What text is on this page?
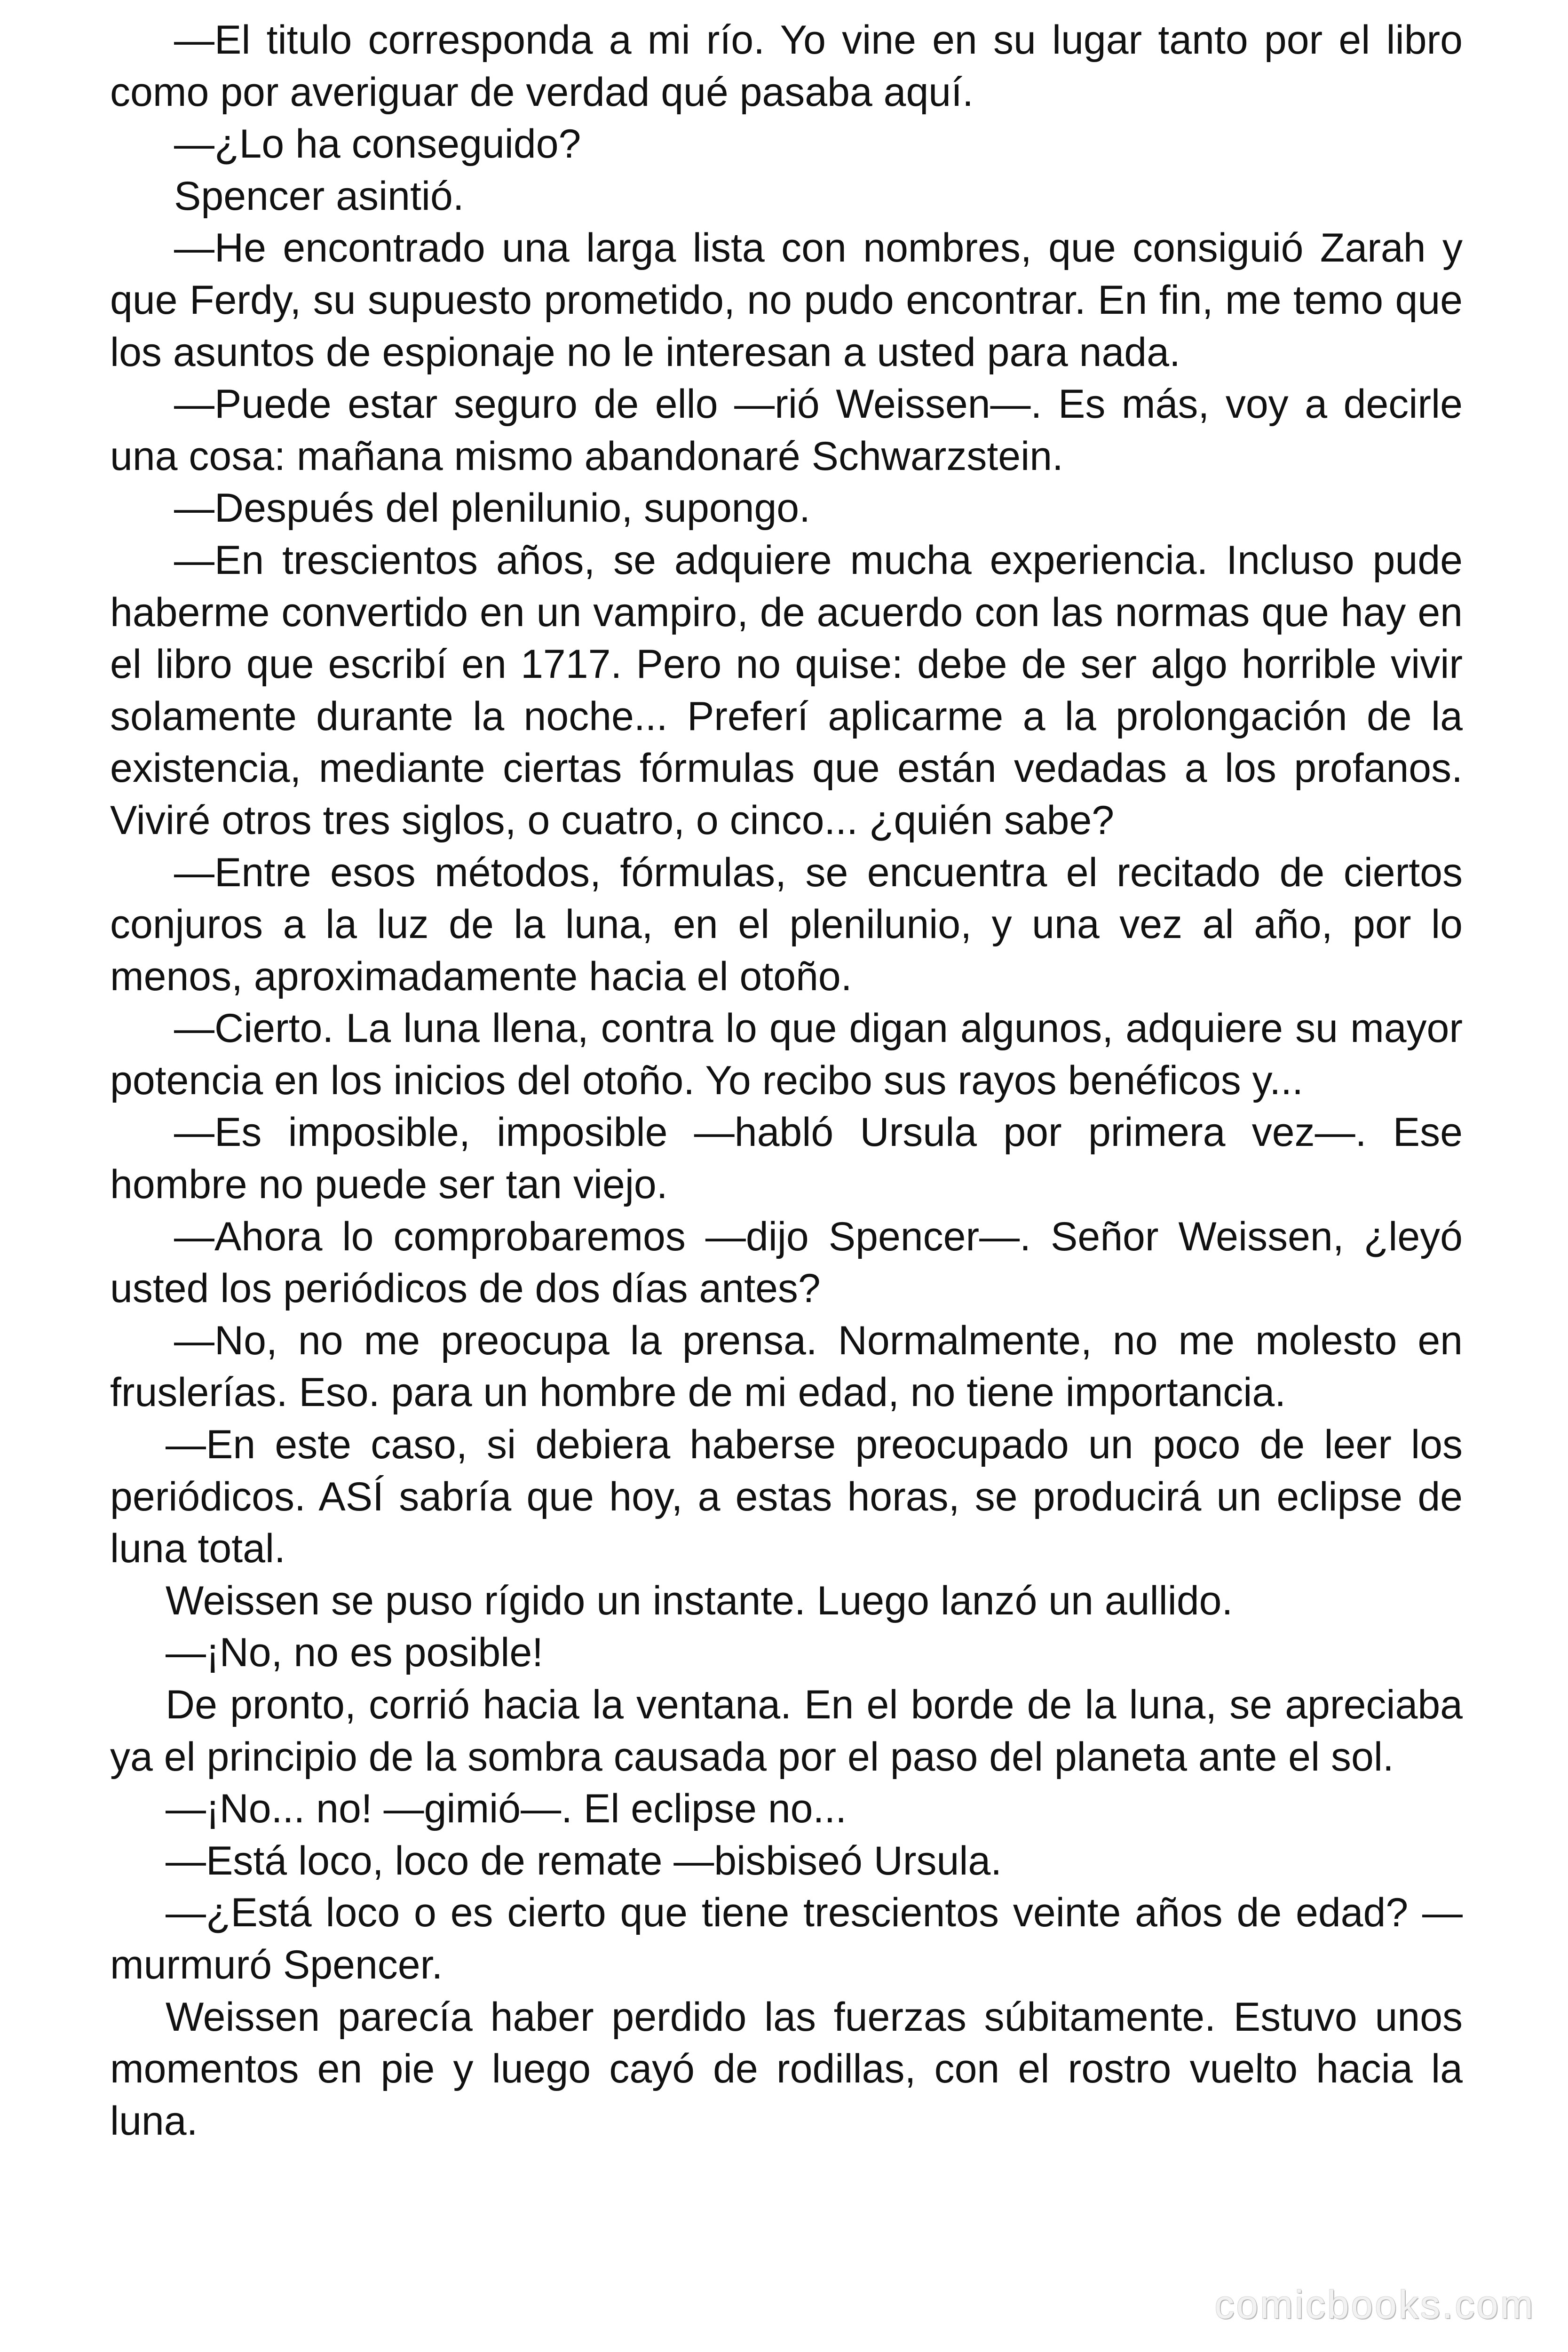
—El titulo corresponda a mi río. Yo vine en su lugar tanto por el libro como por averiguar de verdad qué pasaba aquí.

—¿Lo ha conseguido?

Spencer asintió.

—He encontrado una larga lista con nombres, que consiguió Zarah y que Ferdy, su supuesto prometido, no pudo encontrar. En fin, me temo que los asuntos de espionaje no le interesan a usted para nada.

—Puede estar seguro de ello —rió Weissen—. Es más, voy a decirle una cosa: mañana mismo abandonaré Schwarzstein.

—Después del plenilunio, supongo.

—En trescientos años, se adquiere mucha experiencia. Incluso pude haberme convertido en un vampiro, de acuerdo con las normas que hay en el libro que escribí en 1717. Pero no quise: debe de ser algo horrible vivir solamente durante la noche... Preferí aplicarme a la prolongación de la existencia, mediante ciertas fórmulas que están vedadas a los profanos. Viviré otros tres siglos, o cuatro, o cinco... ¿quién sabe?

—Entre esos métodos, fórmulas, se encuentra el recitado de ciertos conjuros a la luz de la luna, en el plenilunio, y una vez al año, por lo menos, aproximadamente hacia el otoño.

—Cierto. La luna llena, contra lo que digan algunos, adquiere su mayor potencia en los inicios del otoño. Yo recibo sus rayos benéficos y...

—Es imposible, imposible —habló Ursula por primera vez—. Ese hombre no puede ser tan viejo.

—Ahora lo comprobaremos —dijo Spencer—. Señor Weissen, ¿leyó usted los periódicos de dos días antes?

—No, no me preocupa la prensa. Normalmente, no me molesto en fruslerías. Eso. para un hombre de mi edad, no tiene importancia.

—En este caso, si debiera haberse preocupado un poco de leer los periódicos. ASÍ sabría que hoy, a estas horas, se producirá un eclipse de luna total.

Weissen se puso rígido un instante. Luego lanzó un aullido.

—¡No, no es posible!

De pronto, corrió hacia la ventana. En el borde de la luna, se apreciaba ya el principio de la sombra causada por el paso del planeta ante el sol.

—¡No... no! —gimió—. El eclipse no...

—Está loco, loco de remate —bisbiseó Ursula.

—¿Está loco o es cierto que tiene trescientos veinte años de edad? —murmuró Spencer.

Weissen parecía haber perdido las fuerzas súbitamente. Estuvo unos momentos en pie y luego cayó de rodillas, con el rostro vuelto hacia la luna.

comicbooks.com
